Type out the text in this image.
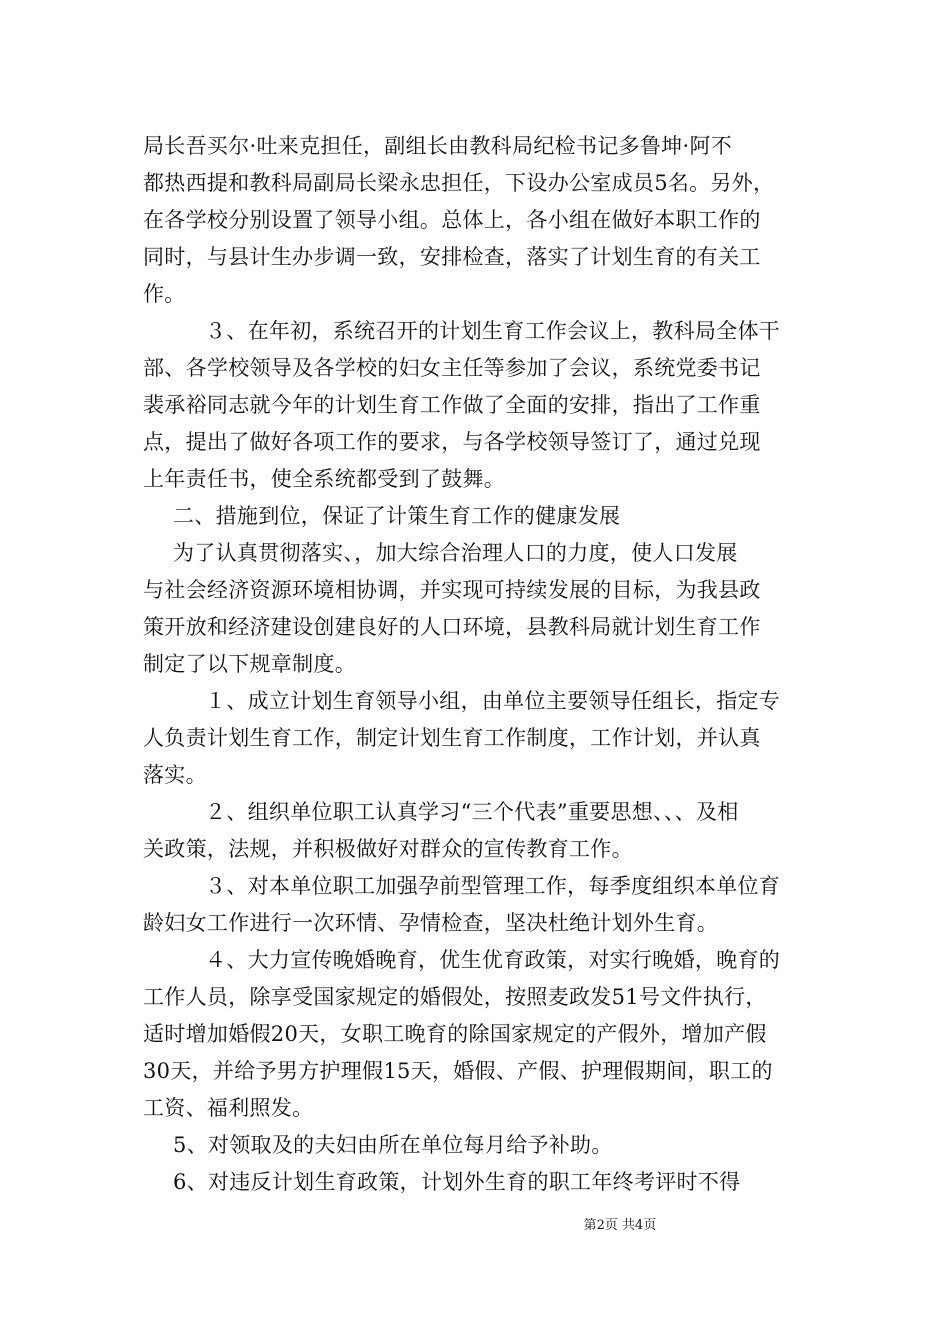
局长吾买尔·吐来克担任，副组长由教科局纪检书记多鲁坤·阿不
都热西提和教科局副局长梁永忠担任，下设办公室成员5名。另外，
在各学校分别设置了领导小组。总体上，各小组在做好本职工作的
同时，与县计生办步调一致，安排检查，落实了计划生育的有关工
作。
３、在年初，系统召开的计划生育工作会议上，教科局全体干
部、各学校领导及各学校的妇女主任等参加了会议，系统党委书记
裴承裕同志就今年的计划生育工作做了全面的安排，指出了工作重
点，提出了做好各项工作的要求，与各学校领导签订了，通过兑现
上年责任书，使全系统都受到了鼓舞。
二、措施到位，保证了计策生育工作的健康发展
为了认真贯彻落实、，加大综合治理人口的力度，使人口发展
与社会经济资源环境相协调，并实现可持续发展的目标，为我县政
策开放和经济建设创建良好的人口环境，县教科局就计划生育工作
制定了以下规章制度。
１、成立计划生育领导小组，由单位主要领导任组长，指定专
人负责计划生育工作，制定计划生育工作制度，工作计划，并认真
落实。
２、组织单位职工认真学习“三个代表”重要思想、、、及相
关政策，法规，并积极做好对群众的宣传教育工作。
３、对本单位职工加强孕前型管理工作，每季度组织本单位育
龄妇女工作进行一次环情、孕情检查，坚决杜绝计划外生育。
４、大力宣传晚婚晚育，优生优育政策，对实行晚婚，晚育的
工作人员，除享受国家规定的婚假处，按照麦政发51号文件执行，
适时增加婚假20天，女职工晚育的除国家规定的产假外，增加产假
30天，并给予男方护理假15天，婚假、产假、护理假期间，职工的
工资、福利照发。
5、对领取及的夫妇由所在单位每月给予补助。
6、对违反计划生育政策，计划外生育的职工年终考评时不得
第2页 共4页
